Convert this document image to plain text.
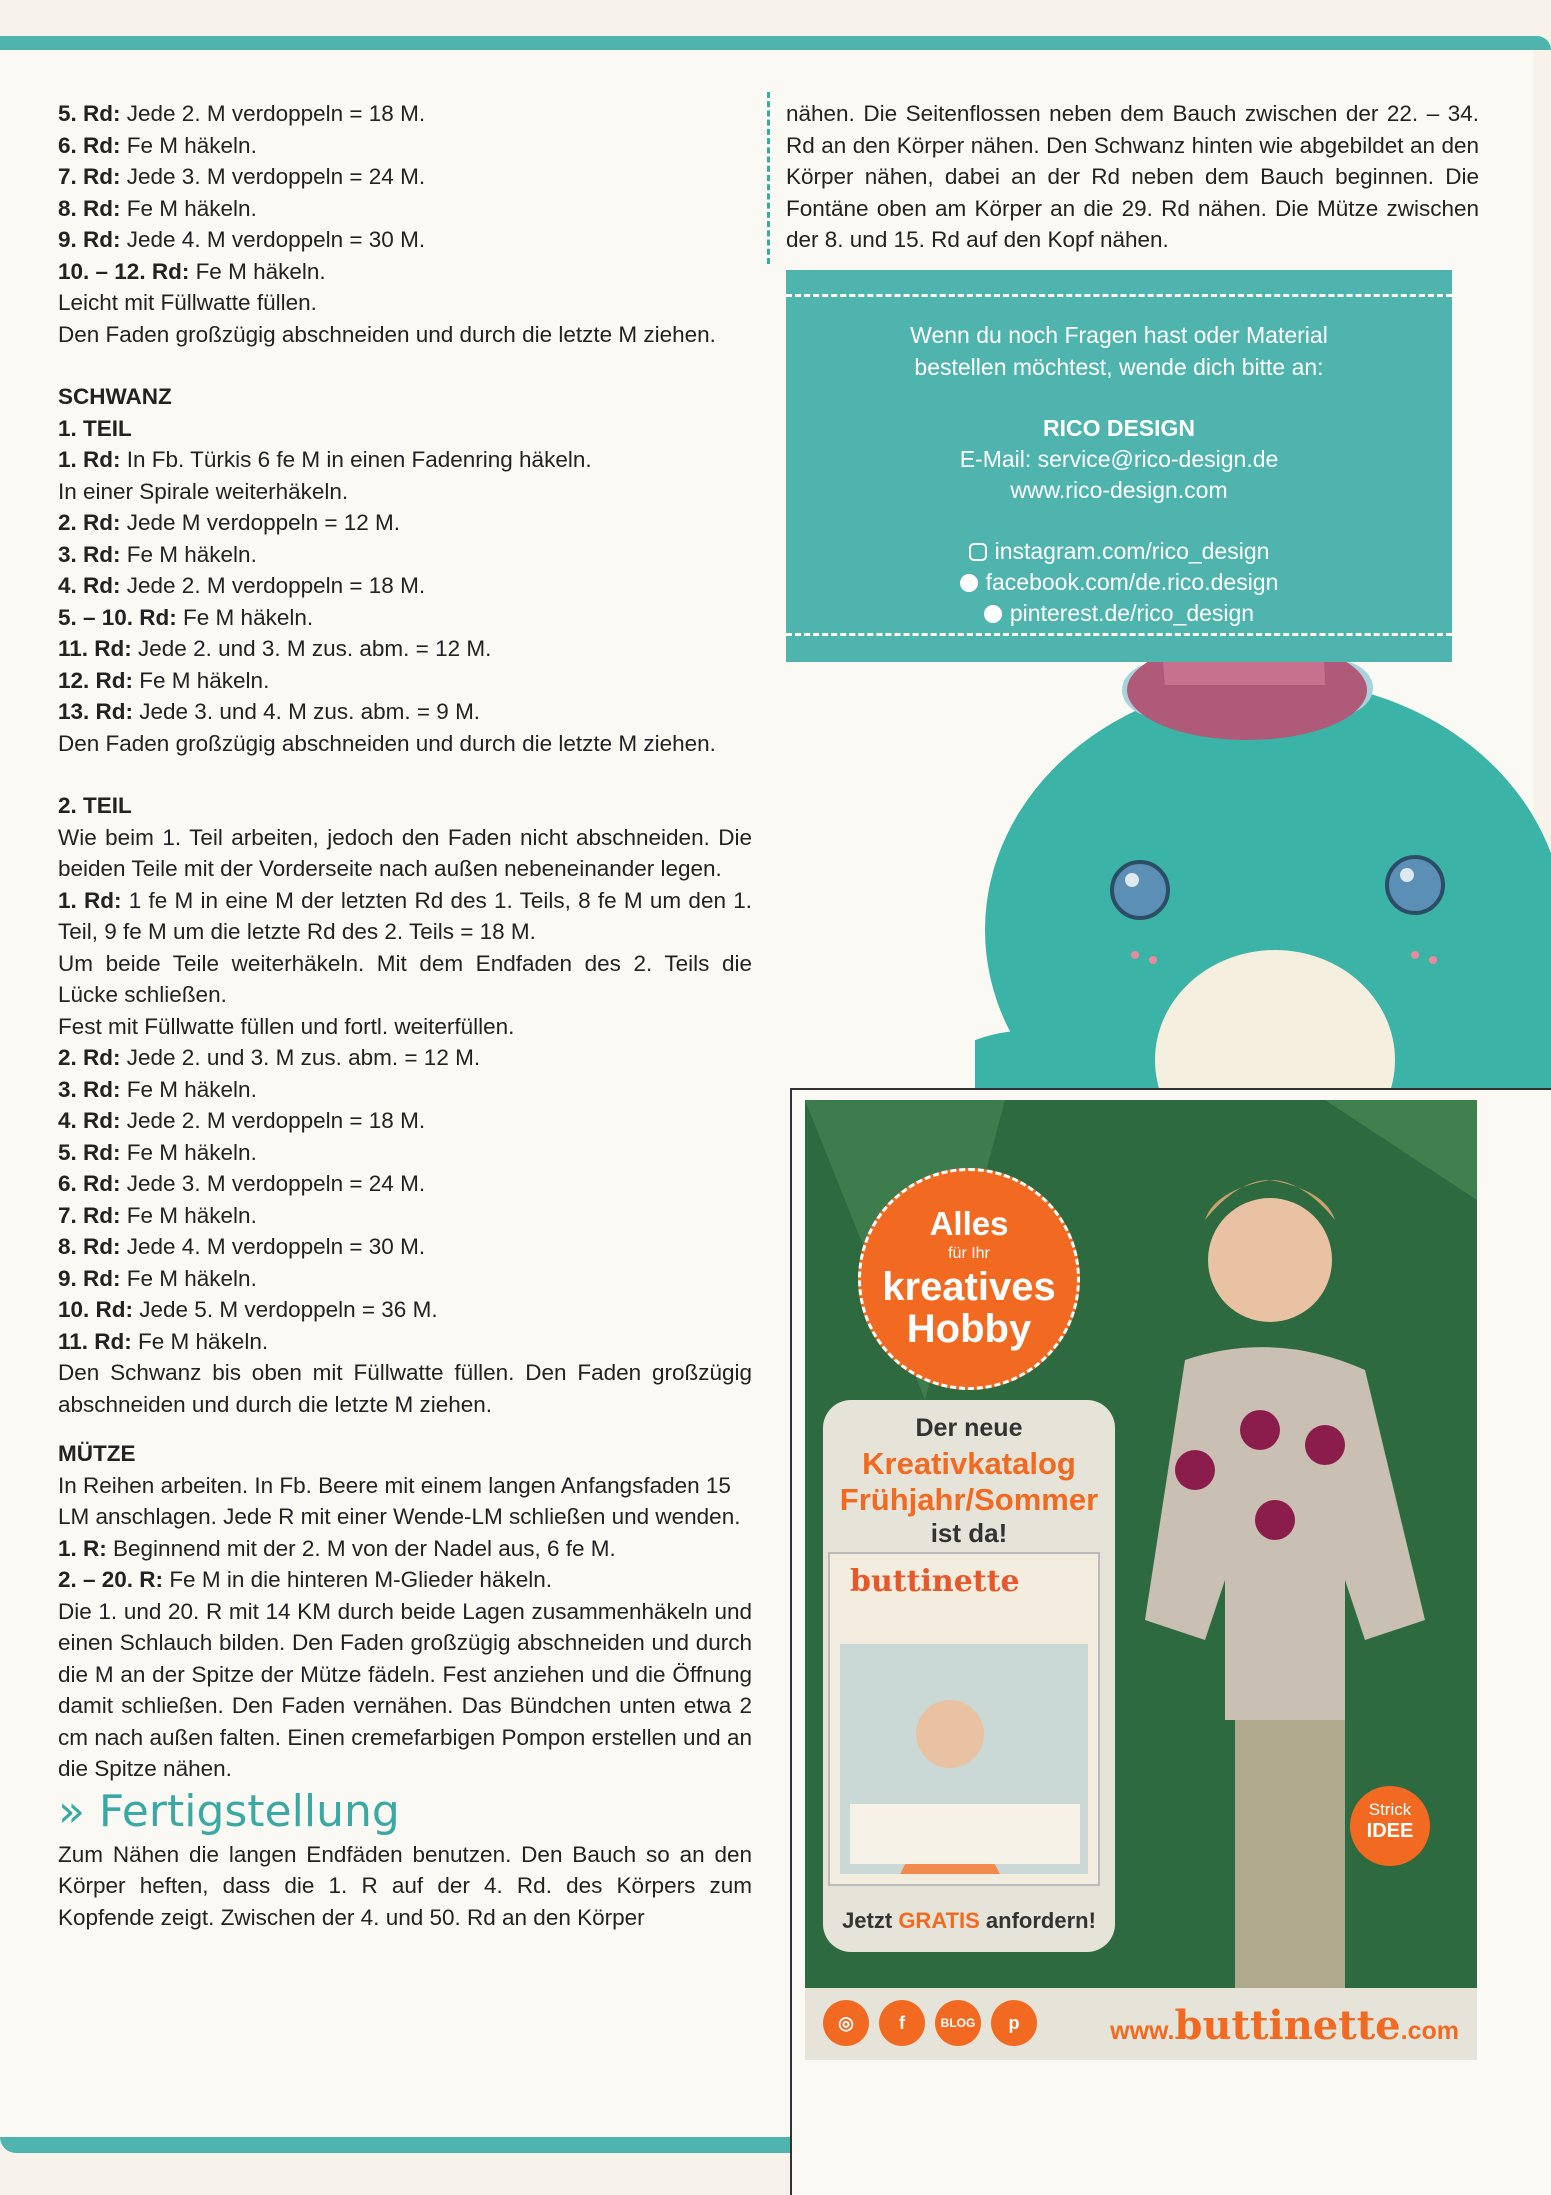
5. Rd: Jede 2. M verdoppeln = 18 M.

6. Rd: Fe M häkeln.

7. Rd: Jede 3. M verdoppeln = 24 M.

8. Rd: Fe M häkeln.

9. Rd: Jede 4. M verdoppeln = 30 M.

10. – 12. Rd: Fe M häkeln.

Leicht mit Füllwatte füllen.

Den Faden großzügig abschneiden und durch die letzte M ziehen.

SCHWANZ

1. TEIL

1. Rd: In Fb. Türkis 6 fe M in einen Fadenring häkeln.

In einer Spirale weiterhäkeln.

2. Rd: Jede M verdoppeln = 12 M.

3. Rd: Fe M häkeln.

4. Rd: Jede 2. M verdoppeln = 18 M.

5. – 10. Rd: Fe M häkeln.

11. Rd: Jede 2. und 3. M zus. abm. = 12 M.

12. Rd: Fe M häkeln.

13. Rd: Jede 3. und 4. M zus. abm. = 9 M.

Den Faden großzügig abschneiden und durch die letzte M ziehen.

2. TEIL

Wie beim 1. Teil arbeiten, jedoch den Faden nicht abschneiden. Die beiden Teile mit der Vorderseite nach außen nebeneinander legen.

1. Rd: 1 fe M in eine M der letzten Rd des 1. Teils, 8 fe M um den 1. Teil, 9 fe M um die letzte Rd des 2. Teils = 18 M.

Um beide Teile weiterhäkeln. Mit dem Endfaden des 2. Teils die Lücke schließen.

Fest mit Füllwatte füllen und fortl. weiterfüllen.

2. Rd: Jede 2. und 3. M zus. abm. = 12 M.

3. Rd: Fe M häkeln.

4. Rd: Jede 2. M verdoppeln = 18 M.

5. Rd: Fe M häkeln.

6. Rd: Jede 3. M verdoppeln = 24 M.

7. Rd: Fe M häkeln.

8. Rd: Jede 4. M verdoppeln = 30 M.

9. Rd: Fe M häkeln.

10. Rd: Jede 5. M verdoppeln = 36 M.

11. Rd: Fe M häkeln.

Den Schwanz bis oben mit Füllwatte füllen. Den Faden großzügig abschneiden und durch die letzte M ziehen.

MÜTZE

In Reihen arbeiten. In Fb. Beere mit einem langen Anfangsfaden 15 LM anschlagen. Jede R mit einer Wende-LM schließen und wenden.

1. R: Beginnend mit der 2. M von der Nadel aus, 6 fe M.

2. – 20. R: Fe M in die hinteren M-Glieder häkeln.

Die 1. und 20. R mit 14 KM durch beide Lagen zusammenhäkeln und einen Schlauch bilden. Den Faden großzügig abschneiden und durch die M an der Spitze der Mütze fädeln. Fest anziehen und die Öffnung damit schließen. Den Faden vernähen. Das Bündchen unten etwa 2 cm nach außen falten. Einen cremefarbigen Pompon erstellen und an die Spitze nähen.

» Fertigstellung

Zum Nähen die langen Endfäden benutzen. Den Bauch so an den Körper heften, dass die 1. R auf der 4. Rd. des Körpers zum Kopfende zeigt. Zwischen der 4. und 50. Rd an den Körper

nähen. Die Seitenflossen neben dem Bauch zwischen der 22. – 34. Rd an den Körper nähen. Den Schwanz hinten wie abgebildet an den Körper nähen, dabei an der Rd neben dem Bauch beginnen. Die Fontäne oben am Körper an die 29. Rd nähen. Die Mütze zwischen der 8. und 15. Rd auf den Kopf nähen.
Wenn du noch Fragen hast oder Material
bestellen möchtest, wende dich bitte an:
RICO DESIGN
E-Mail: service@rico-design.de
www.rico-design.com
instagram.com/rico_design
facebook.com/de.rico.design
pinterest.de/rico_design
Alles
für Ihr
kreatives
Hobby
Der neue
Kreativkatalog
Frühjahr/Sommer
ist da!
buttinette
Jetzt GRATIS anfordern!
Strick
IDEE
◎	f	BLOG	p	www.buttinette.com
